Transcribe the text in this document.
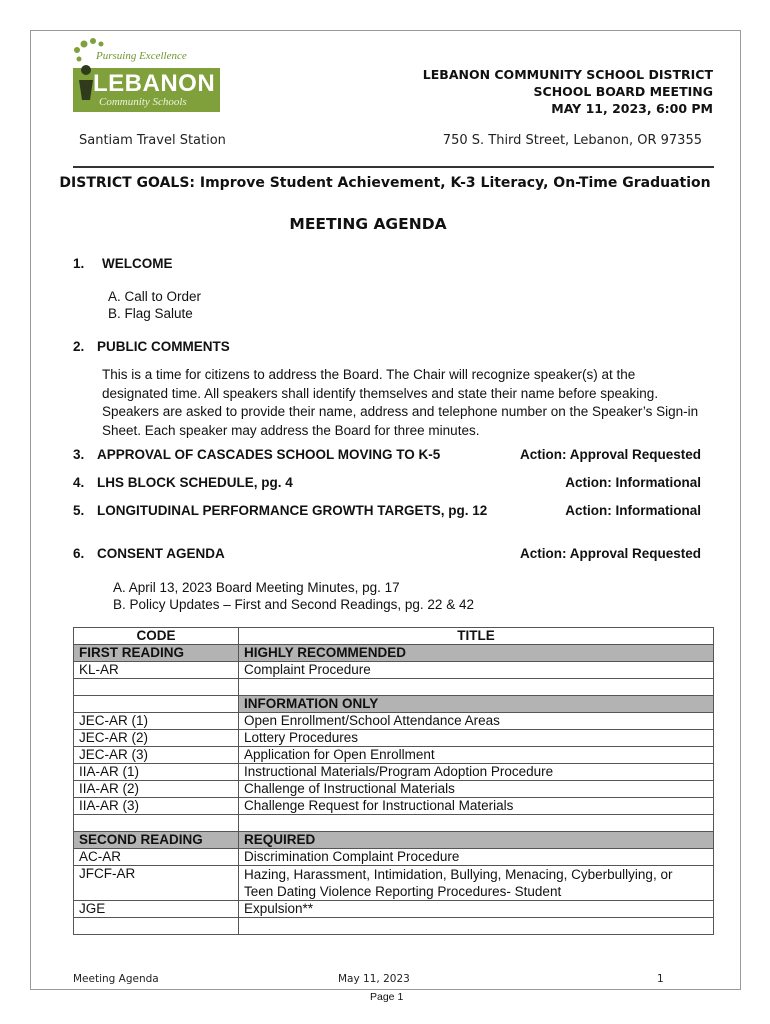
Pursuing Excellence
LEBANON
Community Schools
LEBANON COMMUNITY SCHOOL DISTRICT
SCHOOL BOARD MEETING
MAY 11, 2023, 6:00 PM
Santiam Travel Station	750 S. Third Street, Lebanon, OR 97355
DISTRICT GOALS: Improve Student Achievement, K-3 Literacy, On-Time Graduation
MEETING AGENDA
1. WELCOME
A. Call to Order
B. Flag Salute
2. PUBLIC COMMENTS
This is a time for citizens to address the Board. The Chair will recognize speaker(s) at the
designated time. All speakers shall identify themselves and state their name before speaking.
Speakers are asked to provide their name, address and telephone number on the Speaker’s Sign-in
Sheet. Each speaker may address the Board for three minutes.
3. APPROVAL OF CASCADES SCHOOL MOVING TO K-5	Action: Approval Requested
4. LHS BLOCK SCHEDULE, pg. 4	Action: Informational
5. LONGITUDINAL PERFORMANCE GROWTH TARGETS, pg. 12	Action: Informational
6. CONSENT AGENDA	Action: Approval Requested
A. April 13, 2023 Board Meeting Minutes, pg. 17
B. Policy Updates – First and Second Readings, pg. 22 & 42
CODE	TITLE
FIRST READING	HIGHLY RECOMMENDED
KL-AR	Complaint Procedure

	INFORMATION ONLY
JEC-AR (1)	Open Enrollment/School Attendance Areas
JEC-AR (2)	Lottery Procedures
JEC-AR (3)	Application for Open Enrollment
IIA-AR (1)	Instructional Materials/Program Adoption Procedure
IIA-AR (2)	Challenge of Instructional Materials
IIA-AR (3)	Challenge Request for Instructional Materials

SECOND READING	REQUIRED
AC-AR	Discrimination Complaint Procedure
JFCF-AR	Hazing, Harassment, Intimidation, Bullying, Menacing, Cyberbullying, or
Teen Dating Violence Reporting Procedures- Student

JGE	Expulsion**

Meeting Agenda	May 11, 2023	1
Page 1
